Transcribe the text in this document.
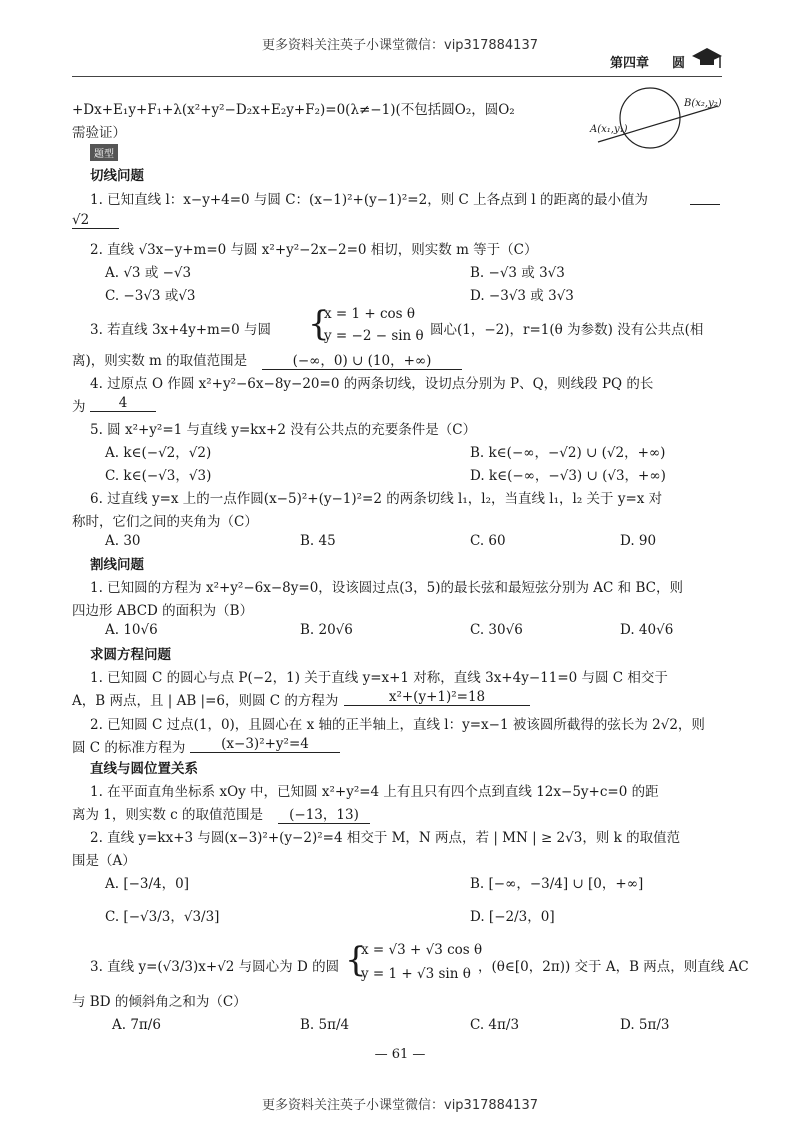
更多资料关注英子小课堂微信：vip317884137
第四章 圆
A(x₁,y₁)
B(x₂,y₂)
+Dx+E₁y+F₁+λ(x²+y²−D₂x+E₂y+F₂)=0(λ≠−1)(不包括圆O₂，圆O₂
需验证）
题型
切线问题
1. 已知直线 l：x−y+4=0 与圆 C：(x−1)²+(y−1)²=2，则 C 上各点到 l 的距离的最小值为
√2
2. 直线 √3x−y+m=0 与圆 x²+y²−2x−2=0 相切，则实数 m 等于（C）
A. √3 或 −√3	B. −√3 或 3√3
C. −3√3 或√3	D. −3√3 或 3√3
3. 若直线 3x+4y+m=0 与圆 {
x = 1 + cos θ
y = −2 − sin θ 圆心(1，−2)，r=1(θ 为参数) 没有公共点(相
离)，则实数 m 的取值范围是	(−∞，0) ∪ (10，+∞)
4. 过原点 O 作圆 x²+y²−6x−8y−20=0 的两条切线，设切点分别为 P、Q，则线段 PQ 的长
为	4
5. 圆 x²+y²=1 与直线 y=kx+2 没有公共点的充要条件是（C）
A. k∈(−√2，√2)	B. k∈(−∞，−√2) ∪ (√2，+∞)
C. k∈(−√3，√3)	D. k∈(−∞，−√3) ∪ (√3，+∞)
6. 过直线 y=x 上的一点作圆(x−5)²+(y−1)²=2 的两条切线 l₁，l₂，当直线 l₁，l₂ 关于 y=x 对
称时，它们之间的夹角为（C）
A. 30	B. 45	C. 60	D. 90
割线问题
1. 已知圆的方程为 x²+y²−6x−8y=0，设该圆过点(3，5)的最长弦和最短弦分别为 AC 和 BC，则
四边形 ABCD 的面积为（B）
A. 10√6	B. 20√6	C. 30√6	D. 40√6
求圆方程问题
1. 已知圆 C 的圆心与点 P(−2，1) 关于直线 y=x+1 对称，直线 3x+4y−11=0 与圆 C 相交于
A，B 两点，且 | AB |=6，则圆 C 的方程为	x²+(y+1)²=18
2. 已知圆 C 过点(1，0)，且圆心在 x 轴的正半轴上，直线 l：y=x−1 被该圆所截得的弦长为 2√2，则
圆 C 的标准方程为	(x−3)²+y²=4
直线与圆位置关系
1. 在平面直角坐标系 xOy 中，已知圆 x²+y²=4 上有且只有四个点到直线 12x−5y+c=0 的距
离为 1，则实数 c 的取值范围是	(−13，13)
2. 直线 y=kx+3 与圆(x−3)²+(y−2)²=4 相交于 M，N 两点，若 | MN | ≥ 2√3，则 k 的取值范
围是（A）
A. [−3/4，0]	B. [−∞，−3/4] ∪ [0，+∞]
C. [−√3/3，√3/3]	D. [−2/3，0]
3. 直线 y=(√3/3)x+√2 与圆心为 D 的圆 {
x = √3 + √3 cos θ
y = 1 + √3 sin θ ，(θ∈[0，2π)) 交于 A，B 两点，则直线 AC
与 BD 的倾斜角之和为（C）
A. 7π/6	B. 5π/4	C. 4π/3	D. 5π/3
— 61 —
更多资料关注英子小课堂微信：vip317884137
